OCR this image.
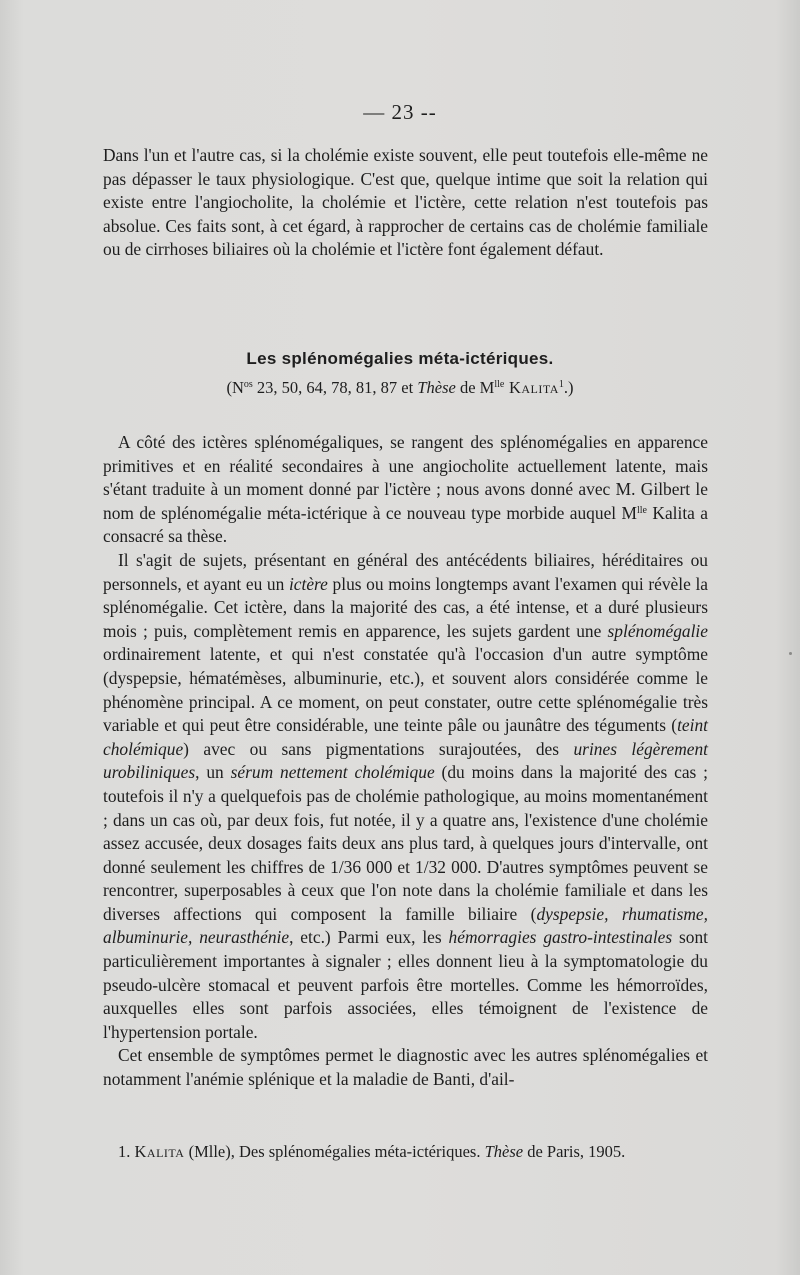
— 23 --

Dans l'un et l'autre cas, si la cholémie existe souvent, elle peut toutefois elle-même ne pas dépasser le taux physiologique. C'est que, quelque intime que soit la relation qui existe entre l'angiocholite, la cholémie et l'ictère, cette relation n'est toutefois pas absolue. Ces faits sont, à cet égard, à rapprocher de certains cas de cholémie familiale ou de cirrhoses biliaires où la cholémie et l'ictère font également défaut.

Les splénomégalies méta-ictériques.
($N^{os}$ 23, 50, 64, 78, 81, 87 et Thèse de $M^{lle}$ Kalita$^1$.)

A côté des ictères splénomégaliques, se rangent des splénomégalies en apparence primitives et en réalité secondaires à une angiocholite actuellement latente, mais s'étant traduite à un moment donné par l'ictère ; nous avons donné avec M. Gilbert le nom de splénomégalie méta-ictérique à ce nouveau type morbide auquel $M^{lle}$ Kalita a consacré sa thèse.

Il s'agit de sujets, présentant en général des antécédents biliaires, héréditaires ou personnels, et ayant eu un ictère plus ou moins longtemps avant l'examen qui révèle la splénomégalie. Cet ictère, dans la majorité des cas, a été intense, et a duré plusieurs mois ; puis, complètement remis en apparence, les sujets gardent une splénomégalie ordinairement latente, et qui n'est constatée qu'à l'occasion d'un autre symptôme (dyspepsie, hématémèses, albuminurie, etc.), et souvent alors considérée comme le phénomène principal. A ce moment, on peut constater, outre cette splénomégalie très variable et qui peut être considérable, une teinte pâle ou jaunâtre des téguments (teint cholémique) avec ou sans pigmentations surajoutées, des urines légèrement urobiliniques, un sérum nettement cholémique (du moins dans la majorité des cas ; toutefois il n'y a quelquefois pas de cholémie pathologique, au moins momentanément ; dans un cas où, par deux fois, fut notée, il y a quatre ans, l'existence d'une cholémie assez accusée, deux dosages faits deux ans plus tard, à quelques jours d'intervalle, ont donné seulement les chiffres de 1/36 000 et 1/32 000. D'autres symptômes peuvent se rencontrer, superposables à ceux que l'on note dans la cholémie familiale et dans les diverses affections qui composent la famille biliaire (dyspepsie, rhumatisme, albuminurie, neurasthénie, etc.) Parmi eux, les hémorragies gastro-intestinales sont particulièrement importantes à signaler ; elles donnent lieu à la symptomatologie du pseudo-ulcère stomacal et peuvent parfois être mortelles. Comme les hémorroïdes, auxquelles elles sont parfois associées, elles témoignent de l'existence de l'hypertension portale.

Cet ensemble de symptômes permet le diagnostic avec les autres splénomégalies et notamment l'anémie splénique et la maladie de Banti, d'ail-

1. Kalita (Mlle), Des splénomégalies méta-ictériques. Thèse de Paris, 1905.
